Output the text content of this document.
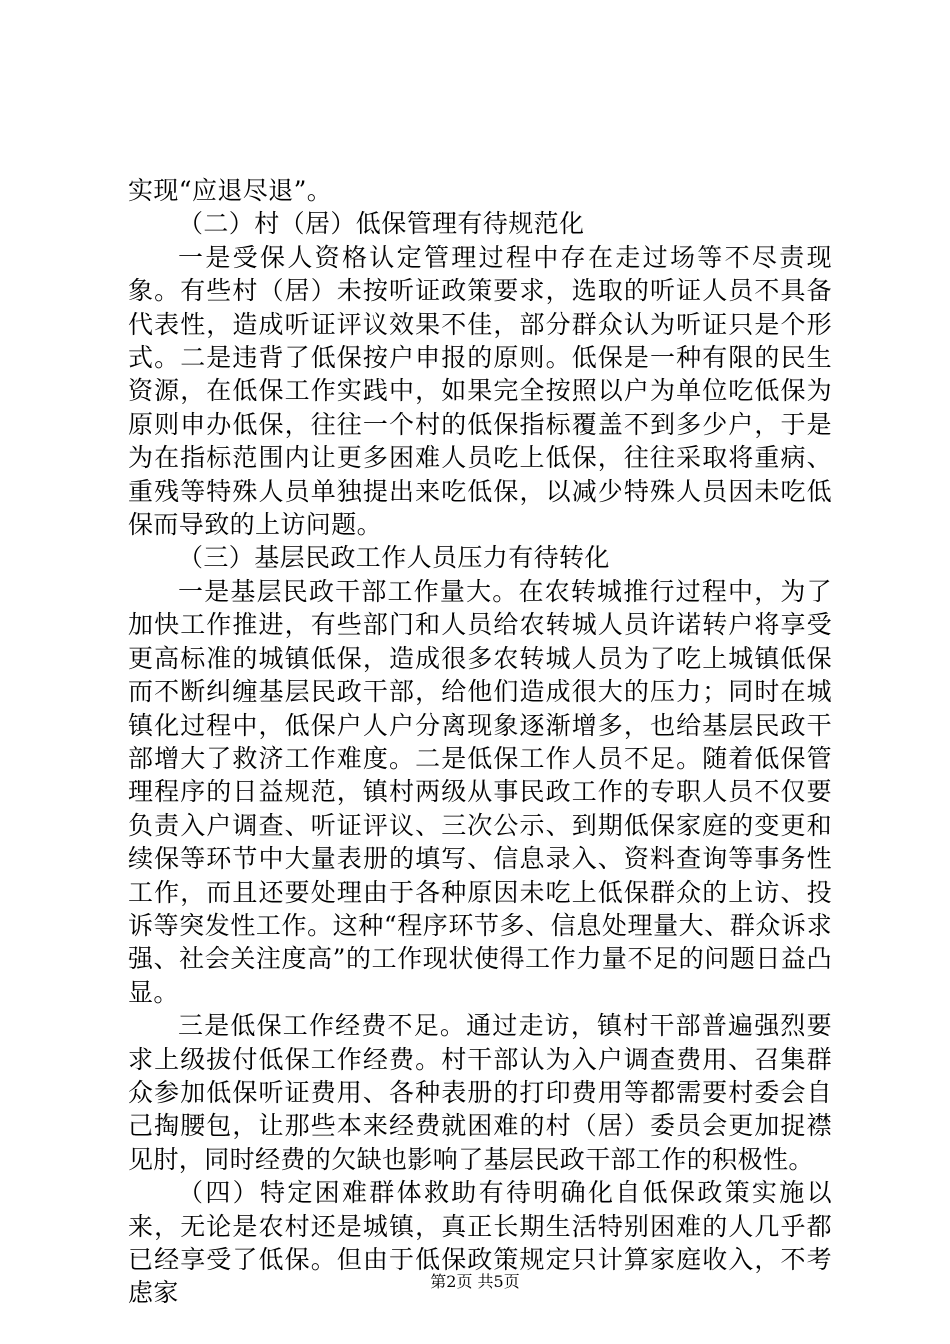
实现“应退尽退”。

（二）村（居）低保管理有待规范化

一是受保人资格认定管理过程中存在走过场等不尽责现象。有些村（居）未按听证政策要求，选取的听证人员不具备代表性，造成听证评议效果不佳，部分群众认为听证只是个形式。二是违背了低保按户申报的原则。低保是一种有限的民生资源，在低保工作实践中，如果完全按照以户为单位吃低保为原则申办低保，往往一个村的低保指标覆盖不到多少户，于是为在指标范围内让更多困难人员吃上低保，往往采取将重病、重残等特殊人员单独提出来吃低保，以减少特殊人员因未吃低保而导致的上访问题。

（三）基层民政工作人员压力有待转化

一是基层民政干部工作量大。在农转城推行过程中，为了加快工作推进，有些部门和人员给农转城人员许诺转户将享受更高标准的城镇低保，造成很多农转城人员为了吃上城镇低保而不断纠缠基层民政干部，给他们造成很大的压力；同时在城镇化过程中，低保户人户分离现象逐渐增多，也给基层民政干部增大了救济工作难度。二是低保工作人员不足。随着低保管理程序的日益规范，镇村两级从事民政工作的专职人员不仅要负责入户调查、听证评议、三次公示、到期低保家庭的变更和续保等环节中大量表册的填写、信息录入、资料查询等事务性工作，而且还要处理由于各种原因未吃上低保群众的上访、投诉等突发性工作。这种“程序环节多、信息处理量大、群众诉求强、社会关注度高”的工作现状使得工作力量不足的问题日益凸显。

三是低保工作经费不足。通过走访，镇村干部普遍强烈要求上级拔付低保工作经费。村干部认为入户调查费用、召集群众参加低保听证费用、各种表册的打印费用等都需要村委会自己掏腰包，让那些本来经费就困难的村（居）委员会更加捉襟见肘，同时经费的欠缺也影响了基层民政干部工作的积极性。

（四）特定困难群体救助有待明确化自低保政策实施以来，无论是农村还是城镇，真正长期生活特别困难的人几乎都已经享受了低保。但由于低保政策规定只计算家庭收入，不考虑家	第2页 共5页
